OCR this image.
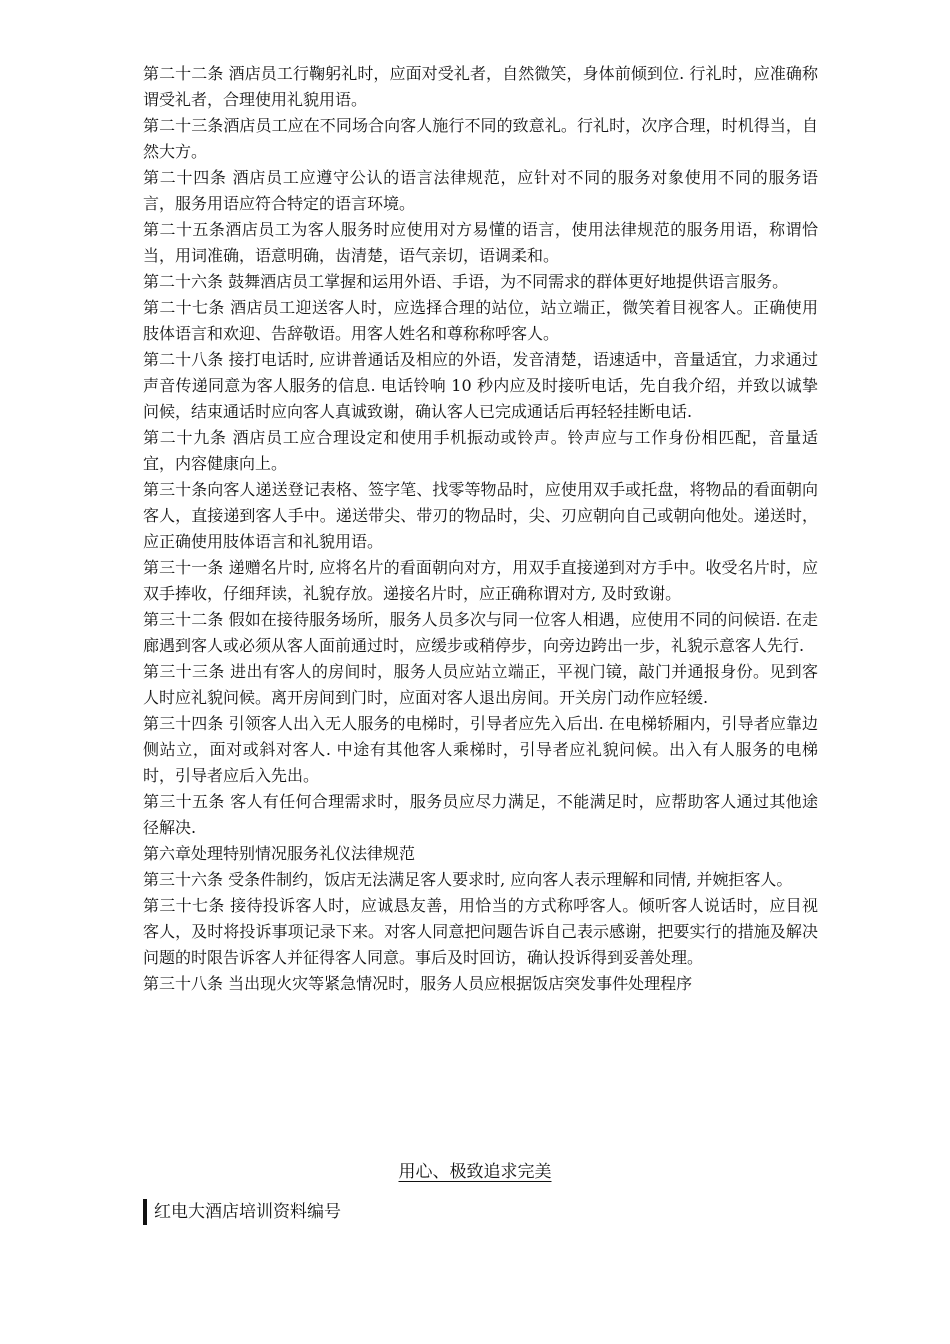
第二十二条 酒店员工行鞠躬礼时，应面对受礼者，自然微笑，身体前倾到位. 行礼时，应准确称谓受礼者，合理使用礼貌用语。

第二十三条酒店员工应在不同场合向客人施行不同的致意礼。行礼时，次序合理，时机得当，自然大方。

第二十四条 酒店员工应遵守公认的语言法律规范，应针对不同的服务对象使用不同的服务语言，服务用语应符合特定的语言环境。

第二十五条酒店员工为客人服务时应使用对方易懂的语言，使用法律规范的服务用语，称谓恰当，用词准确，语意明确，齿清楚，语气亲切，语调柔和。

第二十六条 鼓舞酒店员工掌握和运用外语、手语，为不同需求的群体更好地提供语言服务。

第二十七条 酒店员工迎送客人时，应选择合理的站位，站立端正，微笑着目视客人。正确使用肢体语言和欢迎、告辞敬语。用客人姓名和尊称称呼客人。

第二十八条 接打电话时, 应讲普通话及相应的外语，发音清楚，语速适中，音量适宜，力求通过声音传递同意为客人服务的信息. 电话铃响 10 秒内应及时接听电话，先自我介绍，并致以诚挚问候，结束通话时应向客人真诚致谢，确认客人已完成通话后再轻轻挂断电话.

第二十九条 酒店员工应合理设定和使用手机振动或铃声。铃声应与工作身份相匹配，音量适宜，内容健康向上。

第三十条向客人递送登记表格、签字笔、找零等物品时，应使用双手或托盘，将物品的看面朝向客人，直接递到客人手中。递送带尖、带刃的物品时，尖、刃应朝向自己或朝向他处。递送时，应正确使用肢体语言和礼貌用语。

第三十一条 递赠名片时, 应将名片的看面朝向对方，用双手直接递到对方手中。收受名片时，应双手捧收，仔细拜读，礼貌存放。递接名片时，应正确称谓对方, 及时致谢。

第三十二条 假如在接待服务场所，服务人员多次与同一位客人相遇，应使用不同的问候语. 在走廊遇到客人或必须从客人面前通过时，应缓步或稍停步，向旁边跨出一步，礼貌示意客人先行.

第三十三条 进出有客人的房间时，服务人员应站立端正，平视门镜，敲门并通报身份。见到客人时应礼貌问候。离开房间到门时，应面对客人退出房间。开关房门动作应轻缓.

第三十四条 引领客人出入无人服务的电梯时，引导者应先入后出. 在电梯轿厢内，引导者应靠边侧站立，面对或斜对客人. 中途有其他客人乘梯时，引导者应礼貌问候。出入有人服务的电梯时，引导者应后入先出。

第三十五条 客人有任何合理需求时，服务员应尽力满足，不能满足时，应帮助客人通过其他途径解决.

第六章处理特别情况服务礼仪法律规范

第三十六条 受条件制约，饭店无法满足客人要求时, 应向客人表示理解和同情, 并婉拒客人。

第三十七条 接待投诉客人时，应诚恳友善，用恰当的方式称呼客人。倾听客人说话时，应目视客人，及时将投诉事项记录下来。对客人同意把问题告诉自己表示感谢，把要实行的措施及解决问题的时限告诉客人并征得客人同意。事后及时回访，确认投诉得到妥善处理。

第三十八条 当出现火灾等紧急情况时，服务人员应根据饭店突发事件处理程序

用心、极致追求完美
红电大酒店培训资料编号
